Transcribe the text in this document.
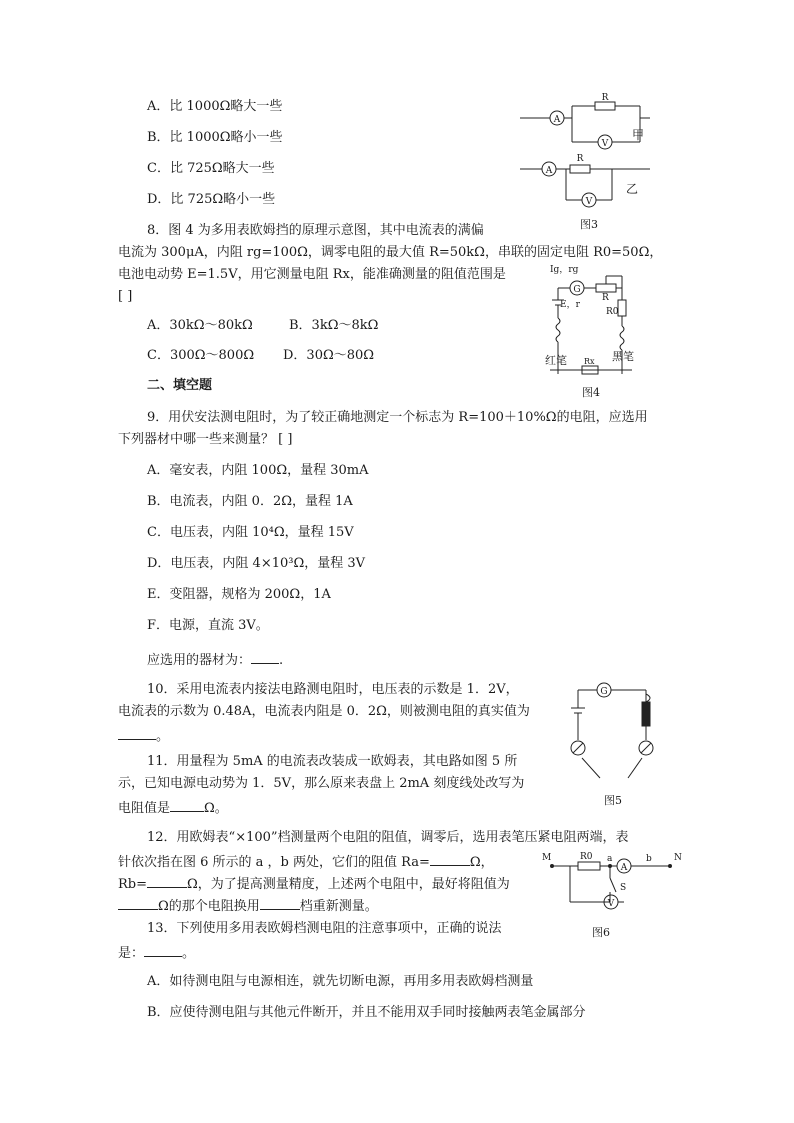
A．比 1000Ω略大一些
B．比 1000Ω略小一些
C．比 725Ω略大一些
D．比 725Ω略小一些
A
V
R
A
V
R
甲
乙
图3
8．图 4 为多用表欧姆挡的原理示意图，其中电流表的满偏
电流为 300μA，内阻 rg=100Ω，调零电阻的最大值 R=50kΩ，串联的固定电阻 R0=50Ω，
电池电动势 E=1.5V，用它测量电阻 Rx，能准确测量的阻值范围是
[ ]
A．30kΩ～80kΩ	B．3kΩ～8kΩ
C．300Ω～800Ω D．30Ω～80Ω
Ig，rg
G
R
R0
E，r
红笔	黑笔
Rx
图4
二、填空题
9．用伏安法测电阻时，为了较正确地测定一个标志为 R=100＋10%Ω的电阻，应选用
下列器材中哪一些来测量？ [ ]
A．毫安表，内阻 100Ω，量程 30mA
B．电流表，内阻 0．2Ω，量程 1A
C．电压表，内阻 10⁴Ω，量程 15V
D．电压表，内阻 4×10³Ω，量程 3V
E．变阻器，规格为 200Ω，1A
F．电源，直流 3V。
应选用的器材为： .
10．采用电流表内接法电路测电阻时，电压表的示数是 1．2V，
电流表的示数为 0.48A，电流表内阻是 0．2Ω，则被测电阻的真实值为
。
G
图5
11．用量程为 5mA 的电流表改装成一欧姆表，其电路如图 5 所
示，已知电源电动势为 1．5V，那么原来表盘上 2mA 刻度线处改写为
电阻值是	Ω。
12．用欧姆表“×100”档测量两个电阻的阻值，调零后，选用表笔压紧电阻两端，表
针依次指在图 6 所示的 a ，b 两处，它们的阻值 Ra=	Ω，
Rb=	Ω，为了提高测量精度，上述两个电阻中，最好将阻值为
Ω的那个电阻换用	档重新测量。
M	N
R0 a	b
A
V
S
图6
13．下列使用多用表欧姆档测电阻的注意事项中，正确的说法
是：	。
A．如待测电阻与电源相连，就先切断电源，再用多用表欧姆档测量
B．应使待测电阻与其他元件断开，并且不能用双手同时接触两表笔金属部分
